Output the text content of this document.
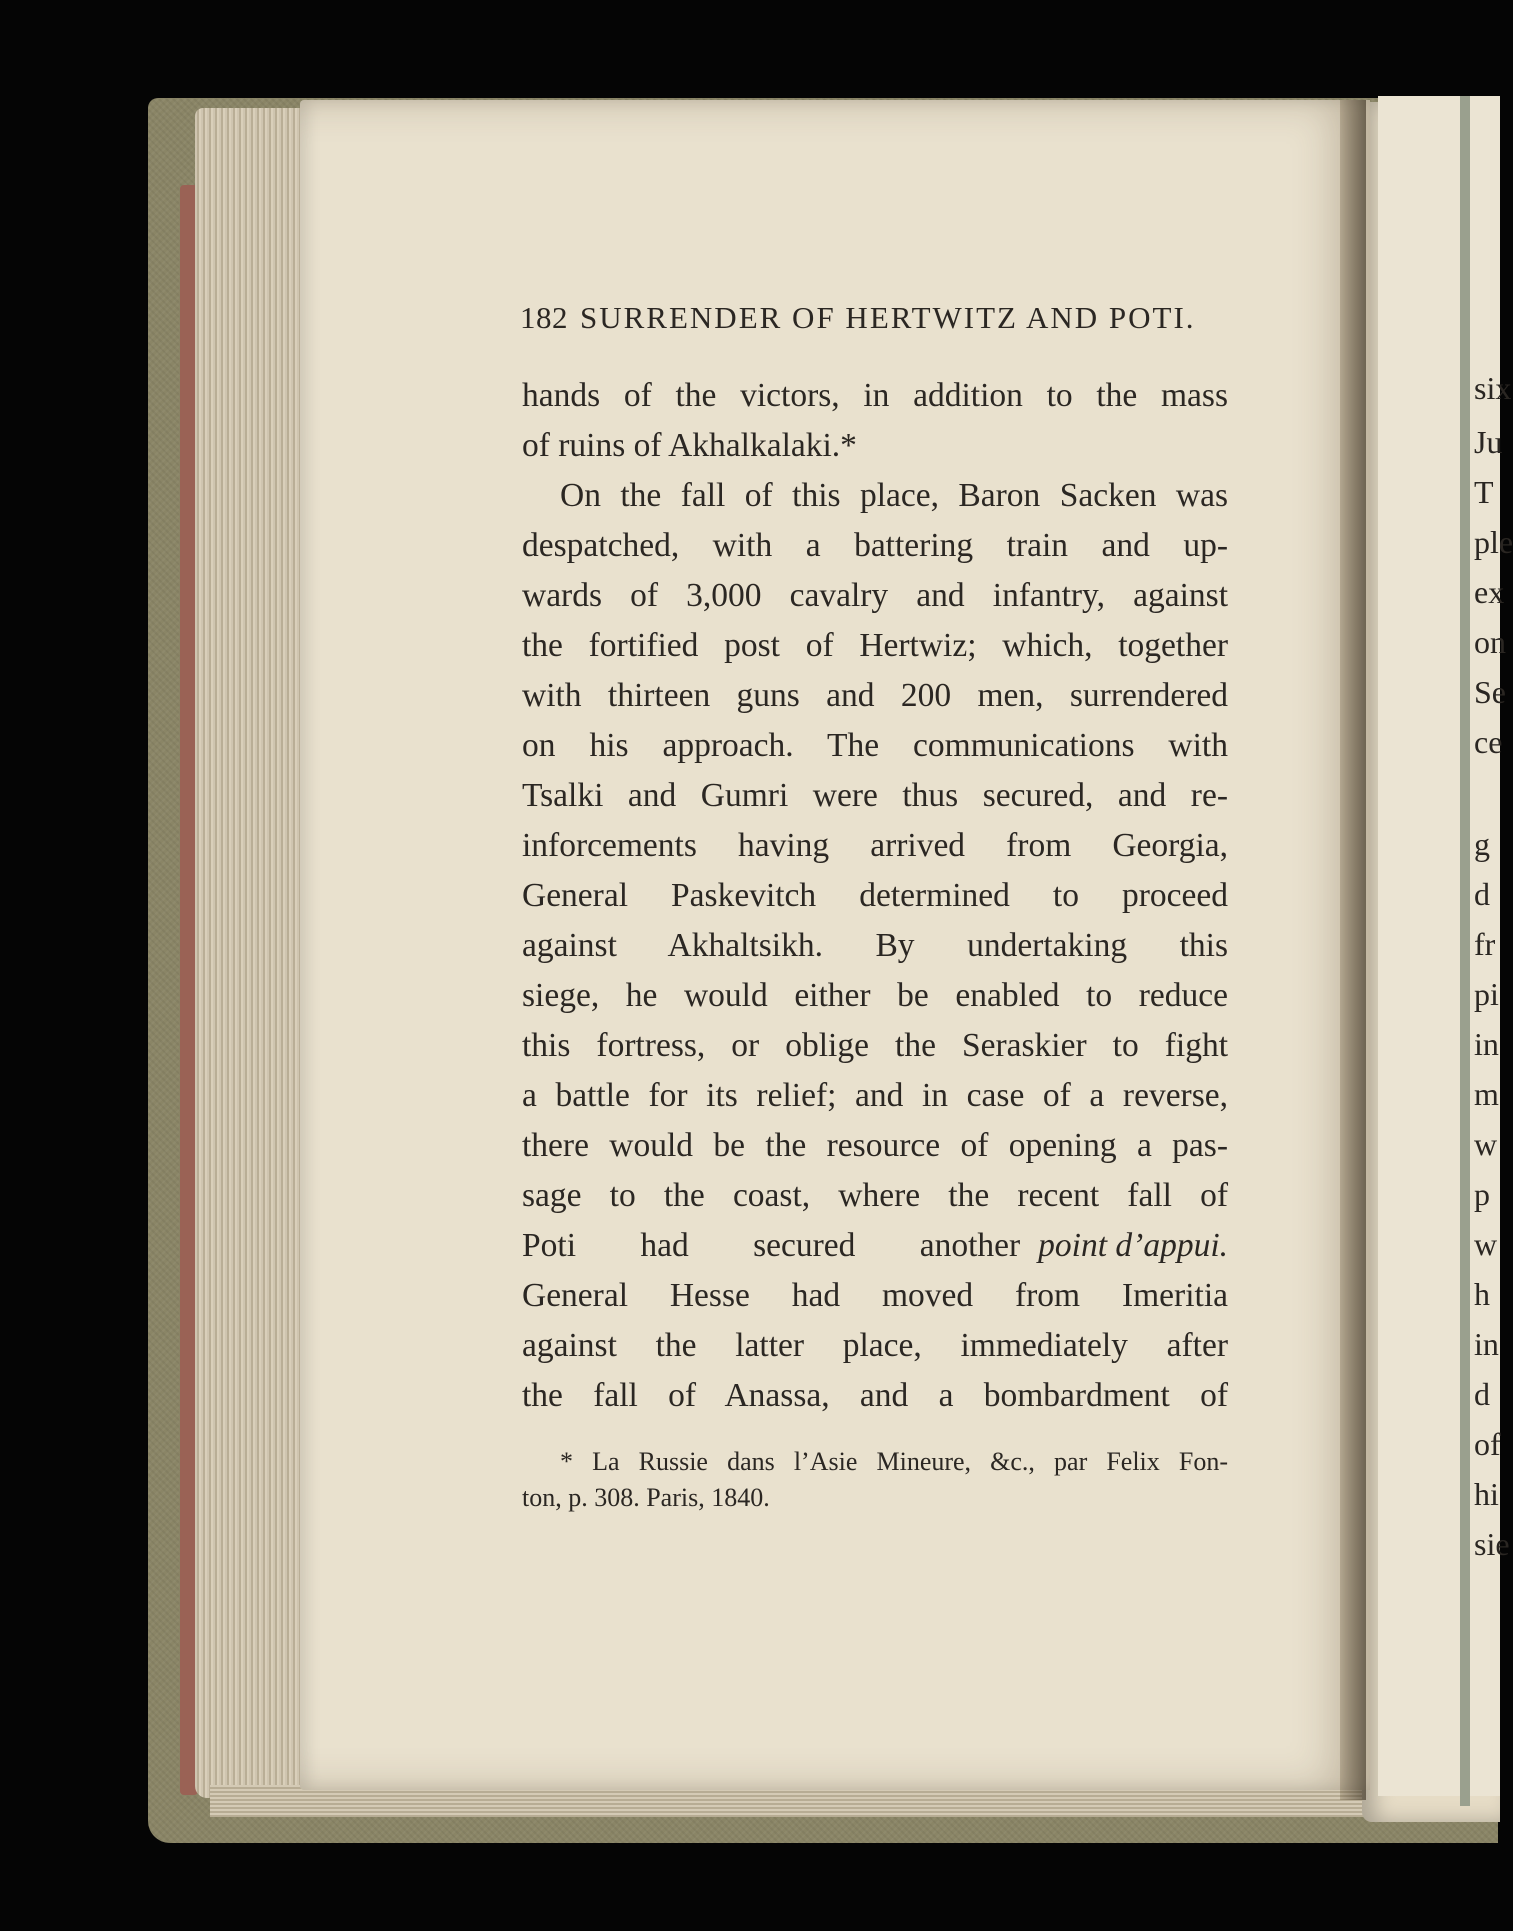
six
Ju
T
ple
ex
on
Se
ce
g
d
fr
pi
in
m
w
p
w
h
in
d
of
hi
sie
182 SURRENDER OF HERTWITZ AND POTI.
hands of the victors, in addition to the mass
of ruins of Akhalkalaki.*
On the fall of this place, Baron Sacken was
despatched, with a battering train and up-
wards of 3,000 cavalry and infantry, against
the fortified post of Hertwiz; which, together
with thirteen guns and 200 men, surrendered
on his approach. The communications with
Tsalki and Gumri were thus secured, and re-
inforcements having arrived from Georgia,
General Paskevitch determined to proceed
against Akhaltsikh. By undertaking this
siege, he would either be enabled to reduce
this fortress, or oblige the Seraskier to fight
a battle for its relief; and in case of a reverse,
there would be the resource of opening a pas-
sage to the coast, where the recent fall of
Poti had secured another point d’appui.
General Hesse had moved from Imeritia
against the latter place, immediately after
the fall of Anassa, and a bombardment of
* La Russie dans l’Asie Mineure, &c., par Felix Fon-
ton, p. 308. Paris, 1840.
